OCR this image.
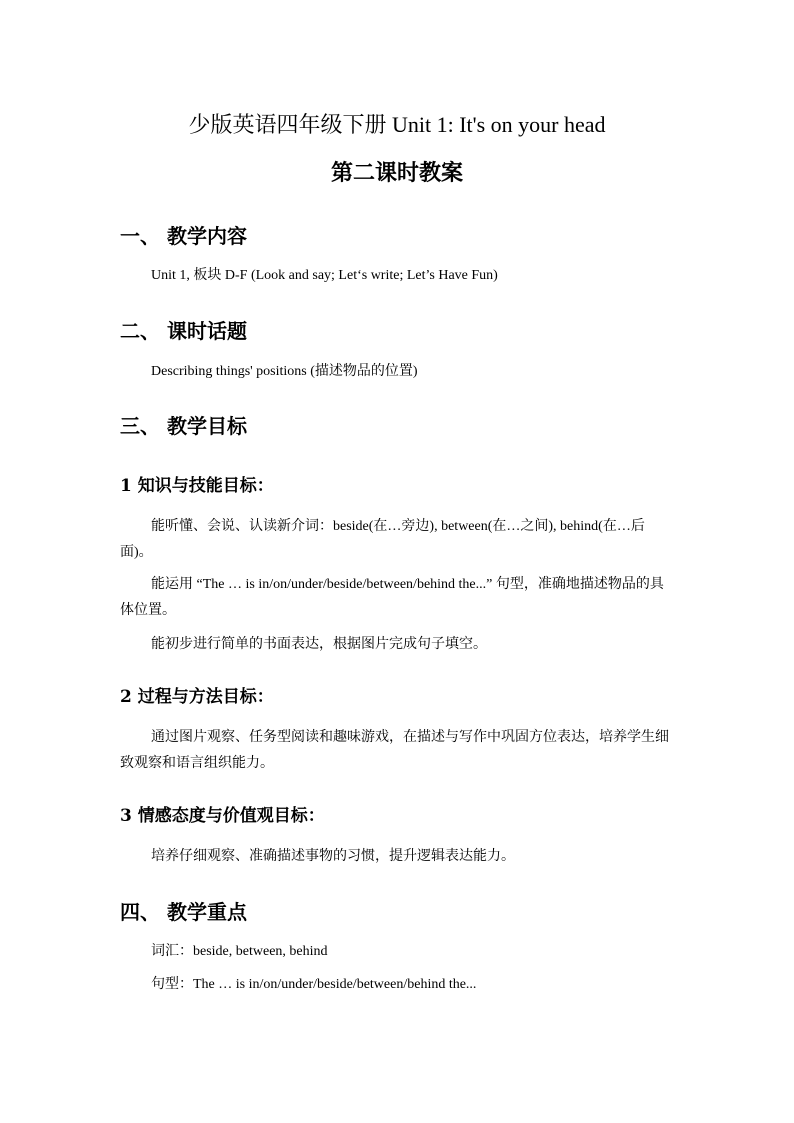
少版英语四年级下册 Unit 1: It's on your head
第二课时教案
一、 教学内容
Unit 1, 板块 D-F (Look and say; Let‘s write; Let’s Have Fun)
二、 课时话题
Describing things' positions (描述物品的位置)
三、 教学目标
1 知识与技能目标：
能听懂、会说、认读新介词：beside(在…旁边), between(在…之间), behind(在…后面)。
能运用 “The … is in/on/under/beside/between/behind the...” 句型，准确地描述物品的具体位置。
能初步进行简单的书面表达，根据图片完成句子填空。
2 过程与方法目标：
通过图片观察、任务型阅读和趣味游戏，在描述与写作中巩固方位表达，培养学生细致观察和语言组织能力。
3 情感态度与价值观目标：
培养仔细观察、准确描述事物的习惯，提升逻辑表达能力。
四、 教学重点
词汇：beside, between, behind
句型：The … is in/on/under/beside/between/behind the...
